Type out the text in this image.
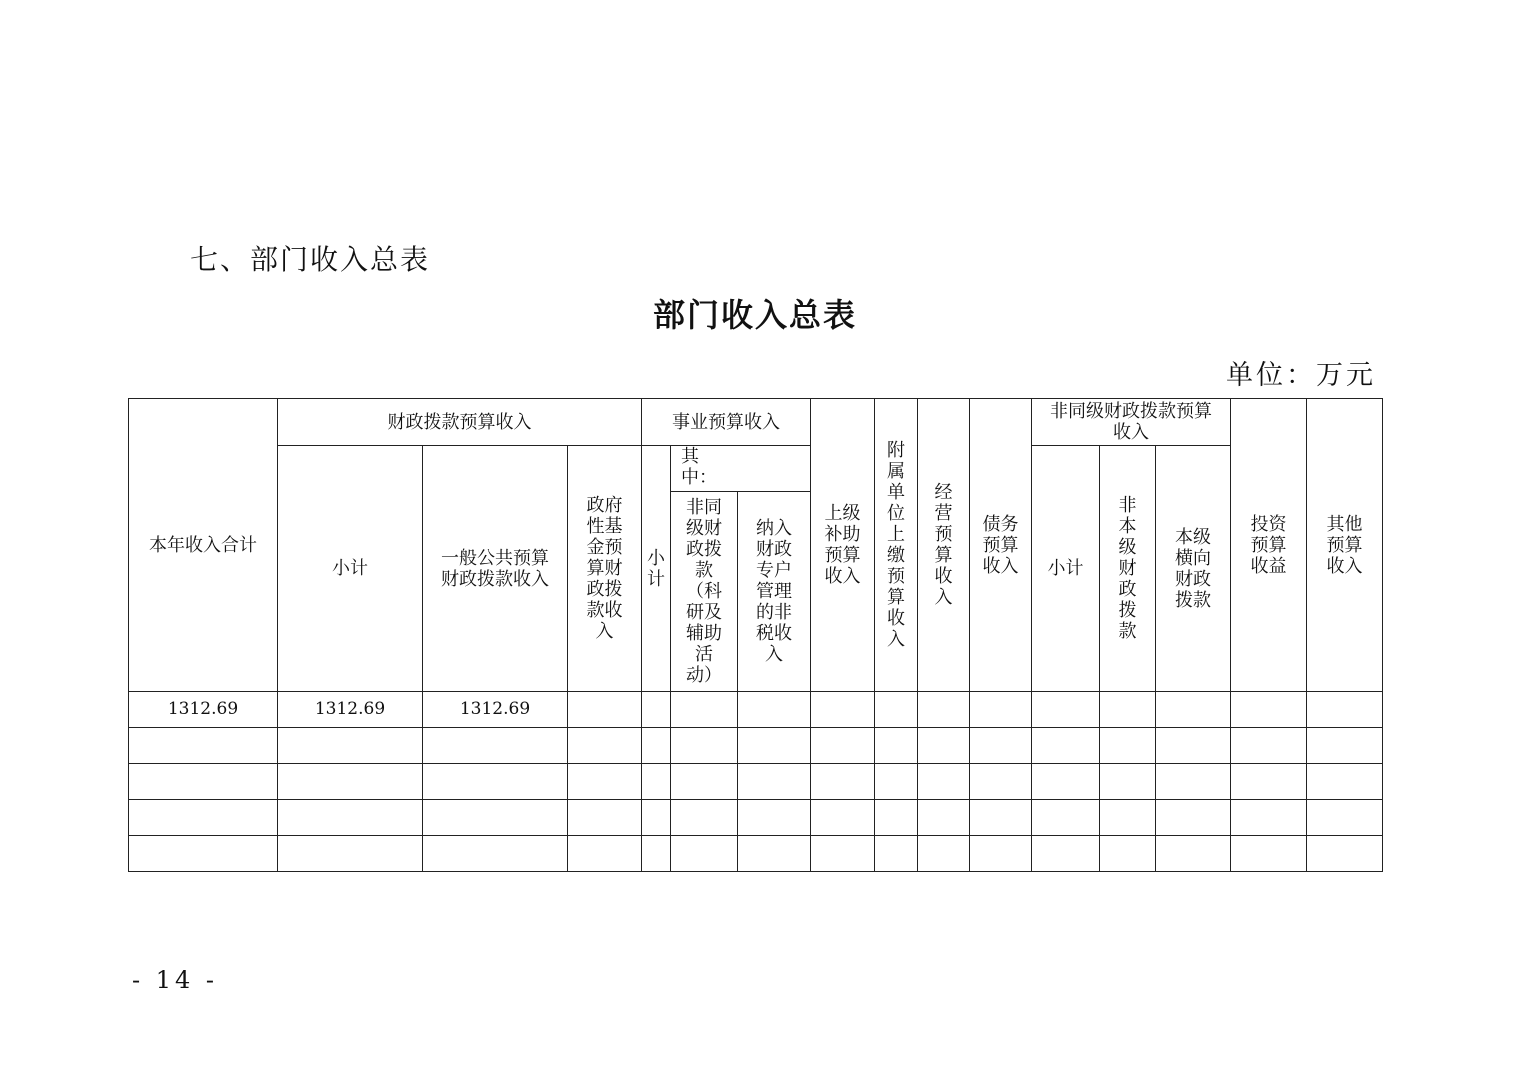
七、部门收入总表
部门收入总表
单位：万元
本年收入合计	财政拨款预算收入			事业预算收入			上级补助预算收入	附属单位上缴预算收入	经营预算收入	债务预算收入	非同级财政拨款预算收入			投资预算收益	其他预算收入
	小计	一般公共预算财政拨款收入	政府性基金预算财政拨款收入	小计	其中：						小计	非本级财政拨款	本级横向财政拨款		
					非同级财政拨款（科研及辅助活动）	纳入财政专户管理的非税收入									

1312.69	1312.69	1312.69													

- 14 -
